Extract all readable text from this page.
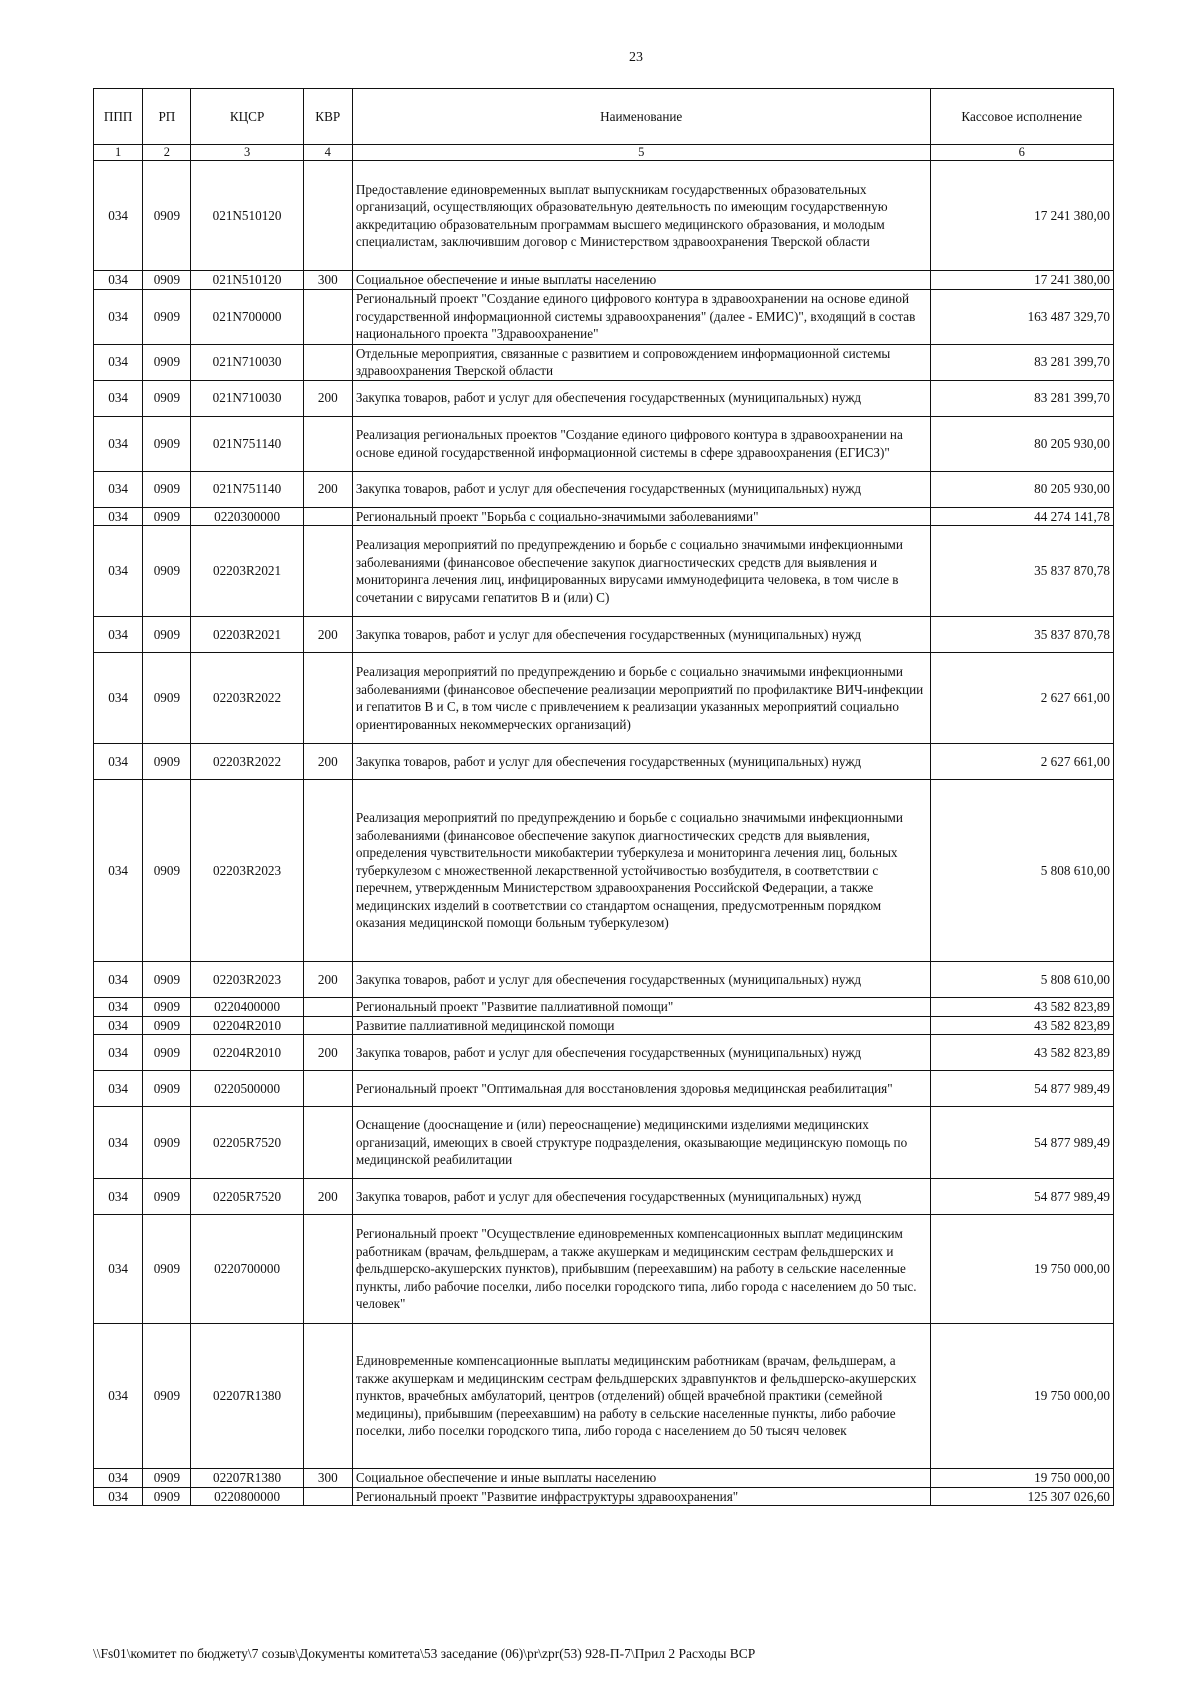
23
ППП	РП	КЦСР	КВР	Наименование	Кассовое исполнение
1	2	3	4	5	6
034	0909	021N510120		Предоставление единовременных выплат выпускникам государственных образовательных организаций, осуществляющих образовательную деятельность по имеющим государственную аккредитацию образовательным программам высшего медицинского образования, и молодым специалистам, заключившим договор с Министерством здравоохранения Тверской области	17 241 380,00
034	0909	021N510120	300	Социальное обеспечение и иные выплаты населению	17 241 380,00
034	0909	021N700000		Региональный проект "Создание единого цифрового контура в здравоохранении на основе единой государственной информационной системы здравоохранения" (далее - ЕМИС)", входящий в состав национального проекта "Здравоохранение"	163 487 329,70
034	0909	021N710030		Отдельные мероприятия, связанные с развитием и сопровождением информационной системы здравоохранения Тверской области	83 281 399,70
034	0909	021N710030	200	Закупка товаров, работ и услуг для обеспечения государственных (муниципальных) нужд	83 281 399,70
034	0909	021N751140		Реализация региональных проектов "Создание единого цифрового контура в здравоохранении на основе единой государственной информационной системы в сфере здравоохранения (ЕГИСЗ)"	80 205 930,00
034	0909	021N751140	200	Закупка товаров, работ и услуг для обеспечения государственных (муниципальных) нужд	80 205 930,00
034	0909	0220300000		Региональный проект "Борьба с социально-значимыми заболеваниями"	44 274 141,78
034	0909	02203R2021		Реализация мероприятий по предупреждению и борьбе с социально значимыми инфекционными заболеваниями (финансовое обеспечение закупок диагностических средств для выявления и мониторинга лечения лиц, инфицированных вирусами иммунодефицита человека, в том числе в сочетании с вирусами гепатитов В и (или) С)	35 837 870,78
034	0909	02203R2021	200	Закупка товаров, работ и услуг для обеспечения государственных (муниципальных) нужд	35 837 870,78
034	0909	02203R2022		Реализация мероприятий по предупреждению и борьбе с социально значимыми инфекционными заболеваниями (финансовое обеспечение реализации мероприятий по профилактике ВИЧ-инфекции и гепатитов В и С, в том числе с привлечением к реализации указанных мероприятий социально ориентированных некоммерческих организаций)	2 627 661,00
034	0909	02203R2022	200	Закупка товаров, работ и услуг для обеспечения государственных (муниципальных) нужд	2 627 661,00
034	0909	02203R2023		Реализация мероприятий по предупреждению и борьбе с социально значимыми инфекционными заболеваниями (финансовое обеспечение закупок диагностических средств для выявления, определения чувствительности микобактерии туберкулеза и мониторинга лечения лиц, больных туберкулезом с множественной лекарственной устойчивостью возбудителя, в соответствии с перечнем, утвержденным Министерством здравоохранения Российской Федерации, а также медицинских изделий в соответствии со стандартом оснащения, предусмотренным порядком оказания медицинской помощи больным туберкулезом)	5 808 610,00
034	0909	02203R2023	200	Закупка товаров, работ и услуг для обеспечения государственных (муниципальных) нужд	5 808 610,00
034	0909	0220400000		Региональный проект "Развитие паллиативной помощи"	43 582 823,89
034	0909	02204R2010		Развитие паллиативной медицинской помощи	43 582 823,89
034	0909	02204R2010	200	Закупка товаров, работ и услуг для обеспечения государственных (муниципальных) нужд	43 582 823,89
034	0909	0220500000		Региональный проект "Оптимальная для восстановления здоровья медицинская реабилитация"	54 877 989,49
034	0909	02205R7520		Оснащение (дооснащение и (или) переоснащение) медицинскими изделиями медицинских организаций, имеющих в своей структуре подразделения, оказывающие медицинскую помощь по медицинской реабилитации	54 877 989,49
034	0909	02205R7520	200	Закупка товаров, работ и услуг для обеспечения государственных (муниципальных) нужд	54 877 989,49
034	0909	0220700000		Региональный проект "Осуществление единовременных компенсационных выплат медицинским работникам (врачам, фельдшерам, а также акушеркам и медицинским сестрам фельдшерских и фельдшерско-акушерских пунктов), прибывшим (переехавшим) на работу в сельские населенные пункты, либо рабочие поселки, либо поселки городского типа, либо города с населением до 50 тыс. человек"	19 750 000,00
034	0909	02207R1380		Единовременные компенсационные выплаты медицинским работникам (врачам, фельдшерам, а также акушеркам и медицинским сестрам фельдшерских здравпунктов и фельдшерско-акушерских пунктов, врачебных амбулаторий, центров (отделений) общей врачебной практики (семейной медицины), прибывшим (переехавшим) на работу в сельские населенные пункты, либо рабочие поселки, либо поселки городского типа, либо города с населением до 50 тысяч человек	19 750 000,00
034	0909	02207R1380	300	Социальное обеспечение и иные выплаты населению	19 750 000,00
034	0909	0220800000		Региональный проект "Развитие инфраструктуры здравоохранения"	125 307 026,60
\\Fs01\комитет по бюджету\7 созыв\Документы комитета\53 заседание (06)\pr\zpr(53) 928-П-7\Прил 2 Расходы ВСР
